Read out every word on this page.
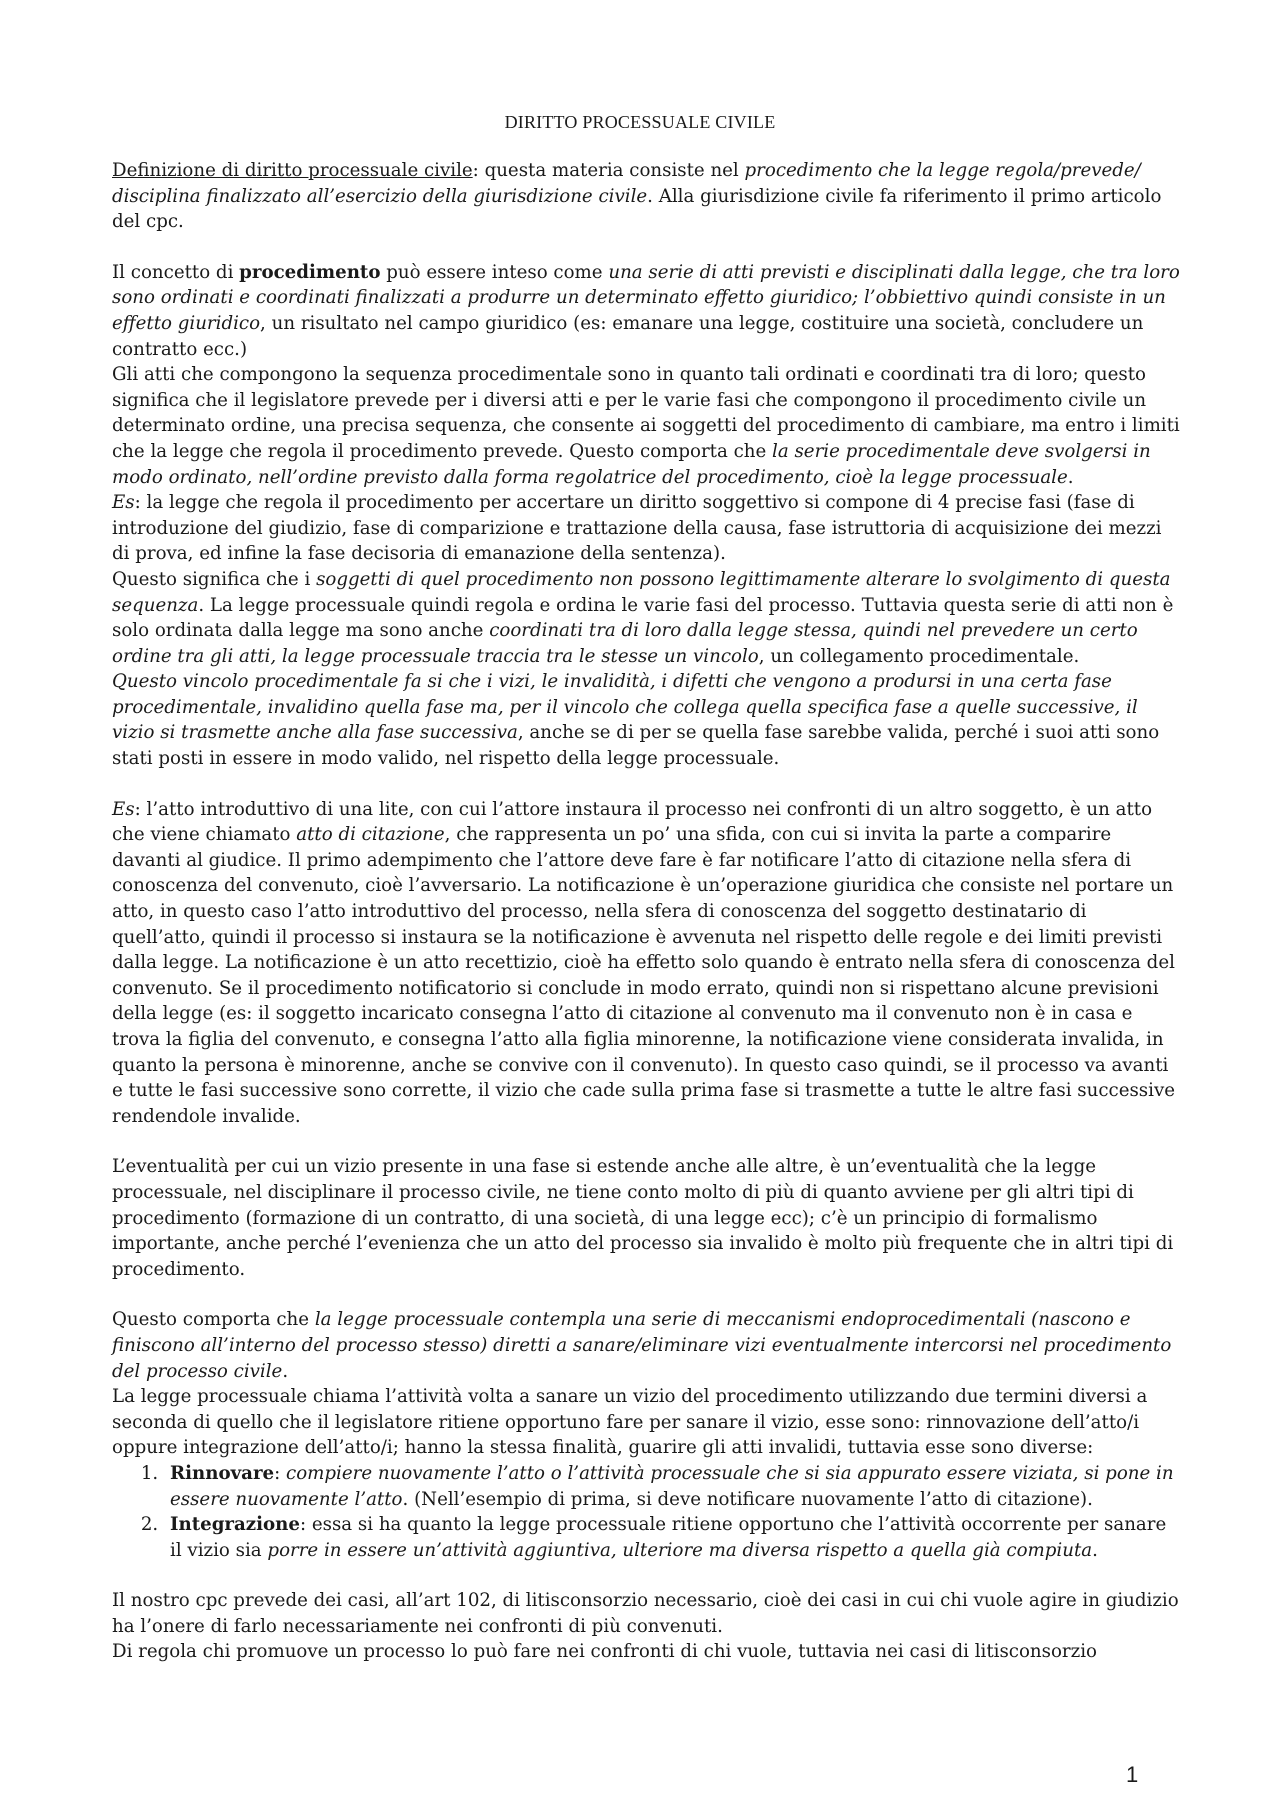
DIRITTO PROCESSUALE CIVILE

Definizione di diritto processuale civile: questa materia consiste nel procedimento che la legge regola/prevede/ disciplina finalizzato all’esercizio della giurisdizione civile. Alla giurisdizione civile fa riferimento il primo articolo del cpc.

Il concetto di procedimento può essere inteso come una serie di atti previsti e disciplinati dalla legge, che tra loro sono ordinati e coordinati finalizzati a produrre un determinato effetto giuridico; l’obbiettivo quindi consiste in un effetto giuridico, un risultato nel campo giuridico (es: emanare una legge, costituire una società, concludere un contratto ecc.)

Gli atti che compongono la sequenza procedimentale sono in quanto tali ordinati e coordinati tra di loro; questo significa che il legislatore prevede per i diversi atti e per le varie fasi che compongono il procedimento civile un determinato ordine, una precisa sequenza, che consente ai soggetti del procedimento di cambiare, ma entro i limiti che la legge che regola il procedimento prevede. Questo comporta che la serie procedimentale deve svolgersi in modo ordinato, nell’ordine previsto dalla forma regolatrice del procedimento, cioè la legge processuale.

Es: la legge che regola il procedimento per accertare un diritto soggettivo si compone di 4 precise fasi (fase di introduzione del giudizio, fase di comparizione e trattazione della causa, fase istruttoria di acquisizione dei mezzi di prova, ed infine la fase decisoria di emanazione della sentenza).

Questo significa che i soggetti di quel procedimento non possono legittimamente alterare lo svolgimento di questa sequenza. La legge processuale quindi regola e ordina le varie fasi del processo. Tuttavia questa serie di atti non è solo ordinata dalla legge ma sono anche coordinati tra di loro dalla legge stessa, quindi nel prevedere un certo ordine tra gli atti, la legge processuale traccia tra le stesse un vincolo, un collegamento procedimentale.

Questo vincolo procedimentale fa si che i vizi, le invalidità, i difetti che vengono a prodursi in una certa fase procedimentale, invalidino quella fase ma, per il vincolo che collega quella specifica fase a quelle successive, il vizio si trasmette anche alla fase successiva, anche se di per se quella fase sarebbe valida, perché i suoi atti sono stati posti in essere in modo valido, nel rispetto della legge processuale.

Es: l’atto introduttivo di una lite, con cui l’attore instaura il processo nei confronti di un altro soggetto, è un atto che viene chiamato atto di citazione, che rappresenta un po’ una sfida, con cui si invita la parte a comparire davanti al giudice. Il primo adempimento che l’attore deve fare è far notificare l’atto di citazione nella sfera di conoscenza del convenuto, cioè l’avversario. La notificazione è un’operazione giuridica che consiste nel portare un atto, in questo caso l’atto introduttivo del processo, nella sfera di conoscenza del soggetto destinatario di quell’atto, quindi il processo si instaura se la notificazione è avvenuta nel rispetto delle regole e dei limiti previsti dalla legge. La notificazione è un atto recettizio, cioè ha effetto solo quando è entrato nella sfera di conoscenza del convenuto. Se il procedimento notificatorio si conclude in modo errato, quindi non si rispettano alcune previsioni della legge (es: il soggetto incaricato consegna l’atto di citazione al convenuto ma il convenuto non è in casa e trova la figlia del convenuto, e consegna l’atto alla figlia minorenne, la notificazione viene considerata invalida, in quanto la persona è minorenne, anche se convive con il convenuto). In questo caso quindi, se il processo va avanti e tutte le fasi successive sono corrette, il vizio che cade sulla prima fase si trasmette a tutte le altre fasi successive rendendole invalide.

L’eventualità per cui un vizio presente in una fase si estende anche alle altre, è un’eventualità che la legge processuale, nel disciplinare il processo civile, ne tiene conto molto di più di quanto avviene per gli altri tipi di procedimento (formazione di un contratto, di una società, di una legge ecc); c’è un principio di formalismo importante, anche perché l’evenienza che un atto del processo sia invalido è molto più frequente che in altri tipi di procedimento.

Questo comporta che la legge processuale contempla una serie di meccanismi endoprocedimentali (nascono e finiscono all’interno del processo stesso) diretti a sanare/eliminare vizi eventualmente intercorsi nel procedimento del processo civile.

La legge processuale chiama l’attività volta a sanare un vizio del procedimento utilizzando due termini diversi a seconda di quello che il legislatore ritiene opportuno fare per sanare il vizio, esse sono: rinnovazione dell’atto/i oppure integrazione dell’atto/i; hanno la stessa finalità, guarire gli atti invalidi, tuttavia esse sono diverse:

1. Rinnovare: compiere nuovamente l’atto o l’attività processuale che si sia appurato essere viziata, si pone in essere nuovamente l’atto. (Nell’esempio di prima, si deve notificare nuovamente l’atto di citazione).
2. Integrazione: essa si ha quanto la legge processuale ritiene opportuno che l’attività occorrente per sanare il vizio sia porre in essere un’attività aggiuntiva, ulteriore ma diversa rispetto a quella già compiuta.

Il nostro cpc prevede dei casi, all’art 102, di litisconsorzio necessario, cioè dei casi in cui chi vuole agire in giudizio ha l’onere di farlo necessariamente nei confronti di più convenuti.

Di regola chi promuove un processo lo può fare nei confronti di chi vuole, tuttavia nei casi di litisconsorzio

1
